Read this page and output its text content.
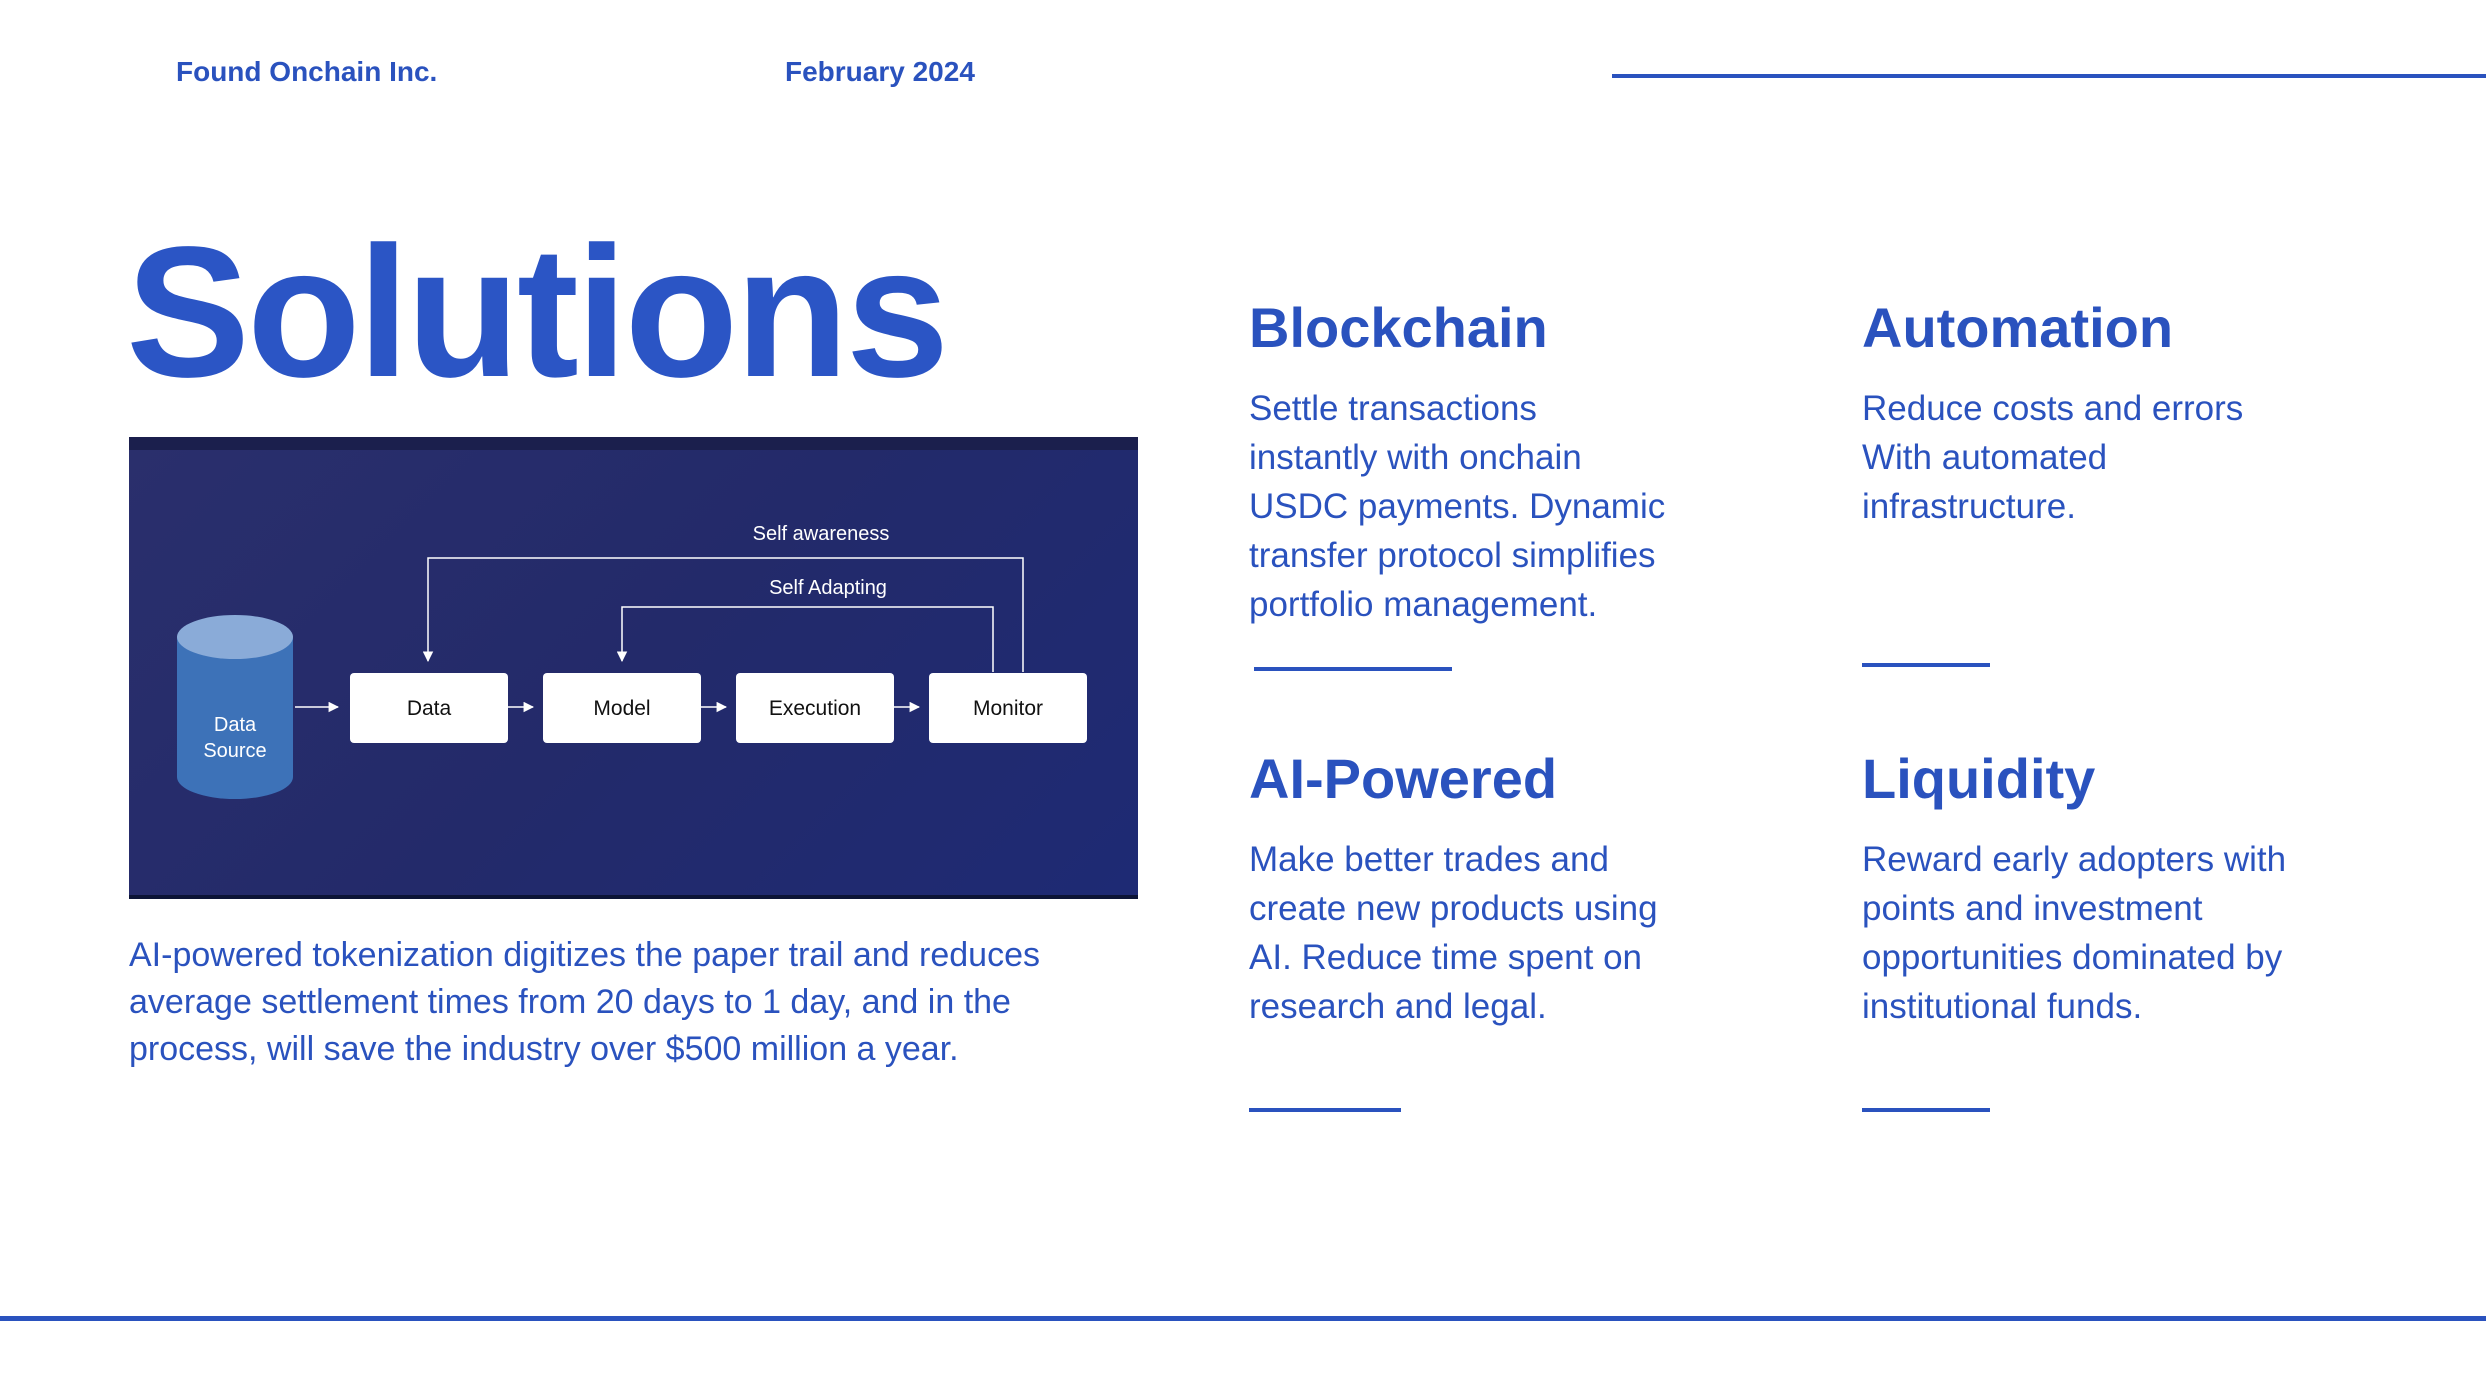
Found Onchain Inc.	February 2024
Solutions
Data
Source
Self awareness
Self Adapting
Data	Model	Execution	Monitor

AI-powered tokenization digitizes the paper trail and reduces average settlement times from 20 days to 1 day, and in the process, will save the industry over $500 million a year.

Blockchain
Settle transactions
instantly with onchain
USDC payments. Dynamic
transfer protocol simplifies
portfolio management.
Automation
Reduce costs and errors
With automated
infrastructure.
AI-Powered
Make better trades and
create new products using
AI. Reduce time spent on
research and legal.
Liquidity
Reward early adopters with
points and investment
opportunities dominated by
institutional funds.
